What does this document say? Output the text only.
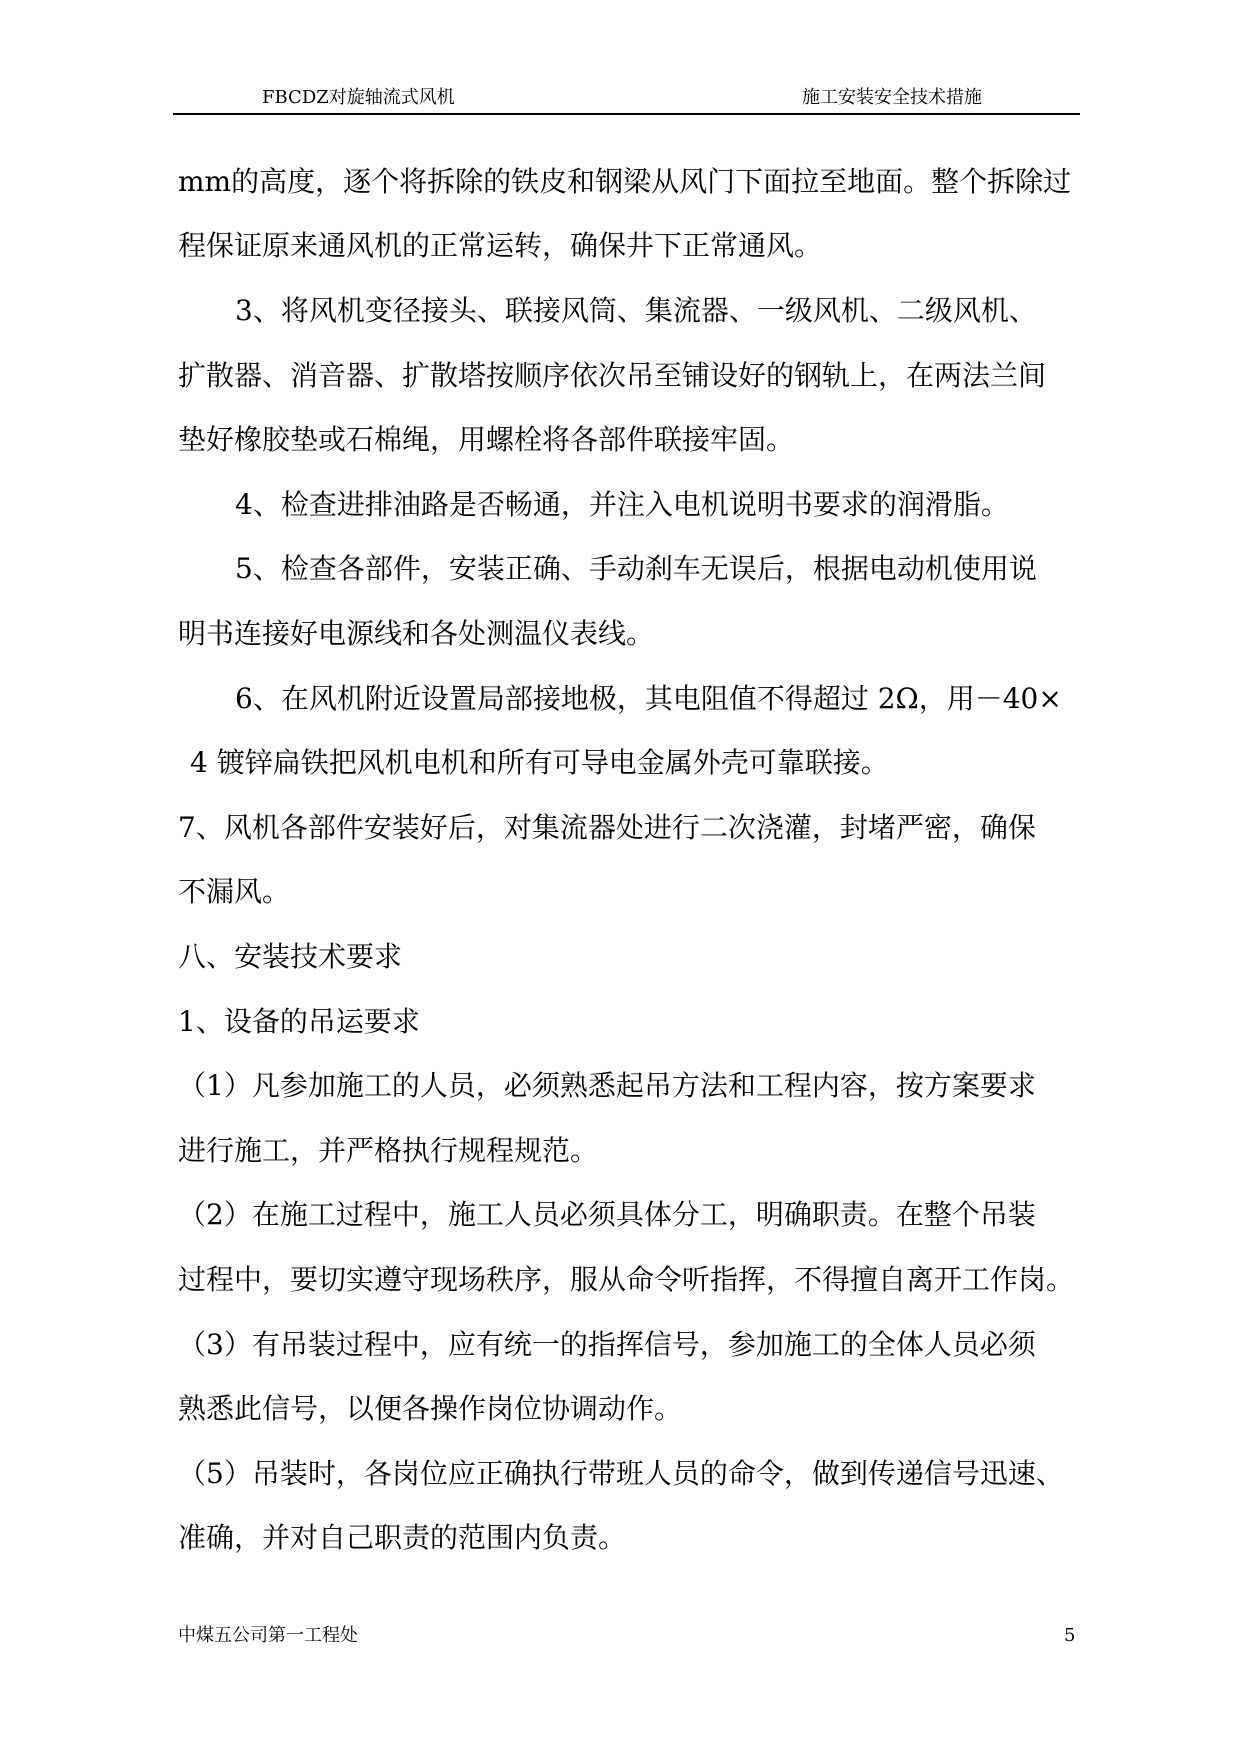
FBCDZ对旋轴流式风机	施工安装安全技术措施
mm的高度，逐个将拆除的铁皮和钢梁从风门下面拉至地面。整个拆除过
程保证原来通风机的正常运转，确保井下正常通风。
3、将风机变径接头、联接风筒、集流器、一级风机、二级风机、
扩散器、消音器、扩散塔按顺序依次吊至铺设好的钢轨上，在两法兰间
垫好橡胶垫或石棉绳，用螺栓将各部件联接牢固。
4、检查进排油路是否畅通，并注入电机说明书要求的润滑脂。
5、检查各部件，安装正确、手动刹车无误后，根据电动机使用说
明书连接好电源线和各处测温仪表线。
6、在风机附近设置局部接地极，其电阻值不得超过 2Ω，用－40×
4 镀锌扁铁把风机电机和所有可导电金属外壳可靠联接。
7、风机各部件安装好后，对集流器处进行二次浇灌，封堵严密，确保
不漏风。
八、安装技术要求
1、设备的吊运要求
（1）凡参加施工的人员，必须熟悉起吊方法和工程内容，按方案要求
进行施工，并严格执行规程规范。
（2）在施工过程中，施工人员必须具体分工，明确职责。在整个吊装
过程中，要切实遵守现场秩序，服从命令听指挥，不得擅自离开工作岗。
（3）有吊装过程中，应有统一的指挥信号，参加施工的全体人员必须
熟悉此信号，以便各操作岗位协调动作。
（5）吊装时，各岗位应正确执行带班人员的命令，做到传递信号迅速、
准确，并对自己职责的范围内负责。
中煤五公司第一工程处	5
